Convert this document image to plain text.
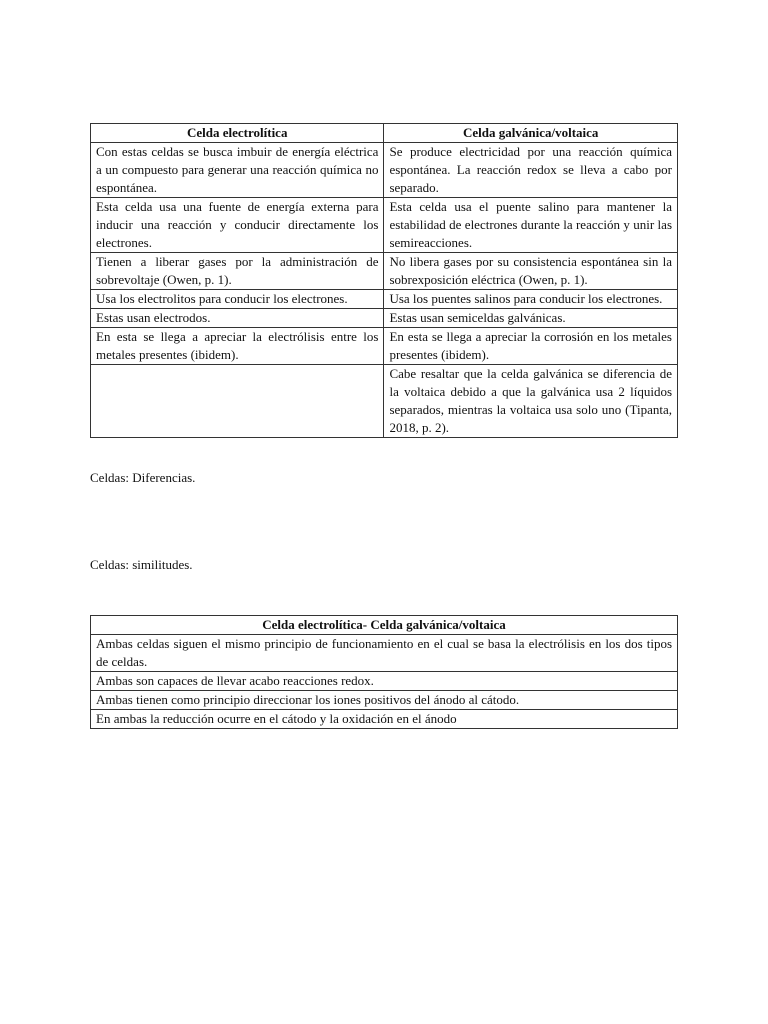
Celda electrolítica	Celda galvánica/voltaica
Con estas celdas se busca imbuir de energía eléctrica a un compuesto para generar una reacción química no espontánea.	Se produce electricidad por una reacción química espontánea. La reacción redox se lleva a cabo por separado.
Esta celda usa una fuente de energía externa para inducir una reacción y conducir directamente los electrones.	Esta celda usa el puente salino para mantener la estabilidad de electrones durante la reacción y unir las semireacciones.
Tienen a liberar gases por la administración de sobrevoltaje (Owen, p. 1).	No libera gases por su consistencia espontánea sin la sobrexposición eléctrica (Owen, p. 1).
Usa los electrolitos para conducir los electrones.	Usa los puentes salinos para conducir los electrones.
Estas usan electrodos.	Estas usan semiceldas galvánicas.
En esta se llega a apreciar la electrólisis entre los metales presentes (ibidem).	En esta se llega a apreciar la corrosión en los metales presentes (ibidem).
	Cabe resaltar que la celda galvánica se diferencia de la voltaica debido a que la galvánica usa 2 líquidos separados, mientras la voltaica usa solo uno (Tipanta, 2018, p. 2).
Celdas: Diferencias.
Celdas: similitudes.
Celda electrolítica- Celda galvánica/voltaica
Ambas celdas siguen el mismo principio de funcionamiento en el cual se basa la electrólisis en los dos tipos de celdas.
Ambas son capaces de llevar acabo reacciones redox.
Ambas tienen como principio direccionar los iones positivos del ánodo al cátodo.
En ambas la reducción ocurre en el cátodo y la oxidación en el ánodo
